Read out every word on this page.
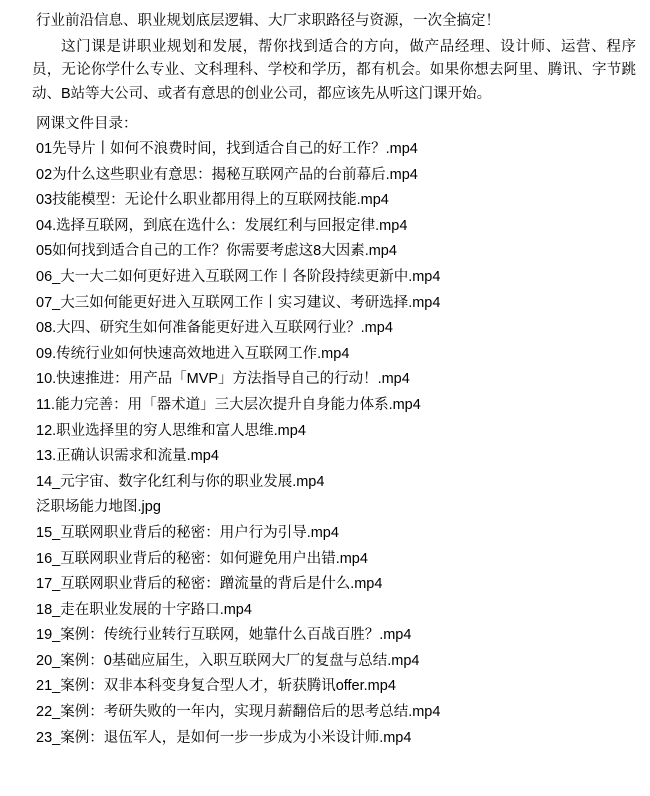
行业前沿信息、职业规划底层逻辑、大厂求职路径与资源，一次全搞定！

这门课是讲职业规划和发展，帮你找到适合的方向，做产品经理、设计师、运营、程序员，无论你学什么专业、文科理科、学校和学历，都有机会。如果你想去阿里、腾讯、字节跳动、B站等大公司、或者有意思的创业公司，都应该先从听这门课开始。

网课文件目录：
01先导片丨如何不浪费时间，找到适合自己的好工作？.mp4
02为什么这些职业有意思：揭秘互联网产品的台前幕后.mp4
03技能模型：无论什么职业都用得上的互联网技能.mp4
04.选择互联网，到底在选什么：发展红利与回报定律.mp4
05如何找到适合自己的工作？你需要考虑这8大因素.mp4
06_大一大二如何更好进入互联网工作丨各阶段持续更新中.mp4
07_大三如何能更好进入互联网工作丨实习建议、考研选择.mp4
08.大四、研究生如何准备能更好进入互联网行业？.mp4
09.传统行业如何快速高效地进入互联网工作.mp4
10.快速推进：用产品「MVP」方法指导自己的行动！.mp4
11.能力完善：用「器术道」三大层次提升自身能力体系.mp4
12.职业选择里的穷人思维和富人思维.mp4
13.正确认识需求和流量.mp4
14_元宇宙、数字化红利与你的职业发展.mp4
泛职场能力地图.jpg
15_互联网职业背后的秘密：用户行为引导.mp4
16_互联网职业背后的秘密：如何避免用户出错.mp4
17_互联网职业背后的秘密：蹭流量的背后是什么.mp4
18_走在职业发展的十字路口.mp4
19_案例：传统行业转行互联网，她靠什么百战百胜？.mp4
20_案例：0基础应届生，入职互联网大厂的复盘与总结.mp4
21_案例：双非本科变身复合型人才，斩获腾讯offer.mp4
22_案例：考研失败的一年内，实现月薪翻倍后的思考总结.mp4
23_案例：退伍军人，是如何一步一步成为小米设计师.mp4
